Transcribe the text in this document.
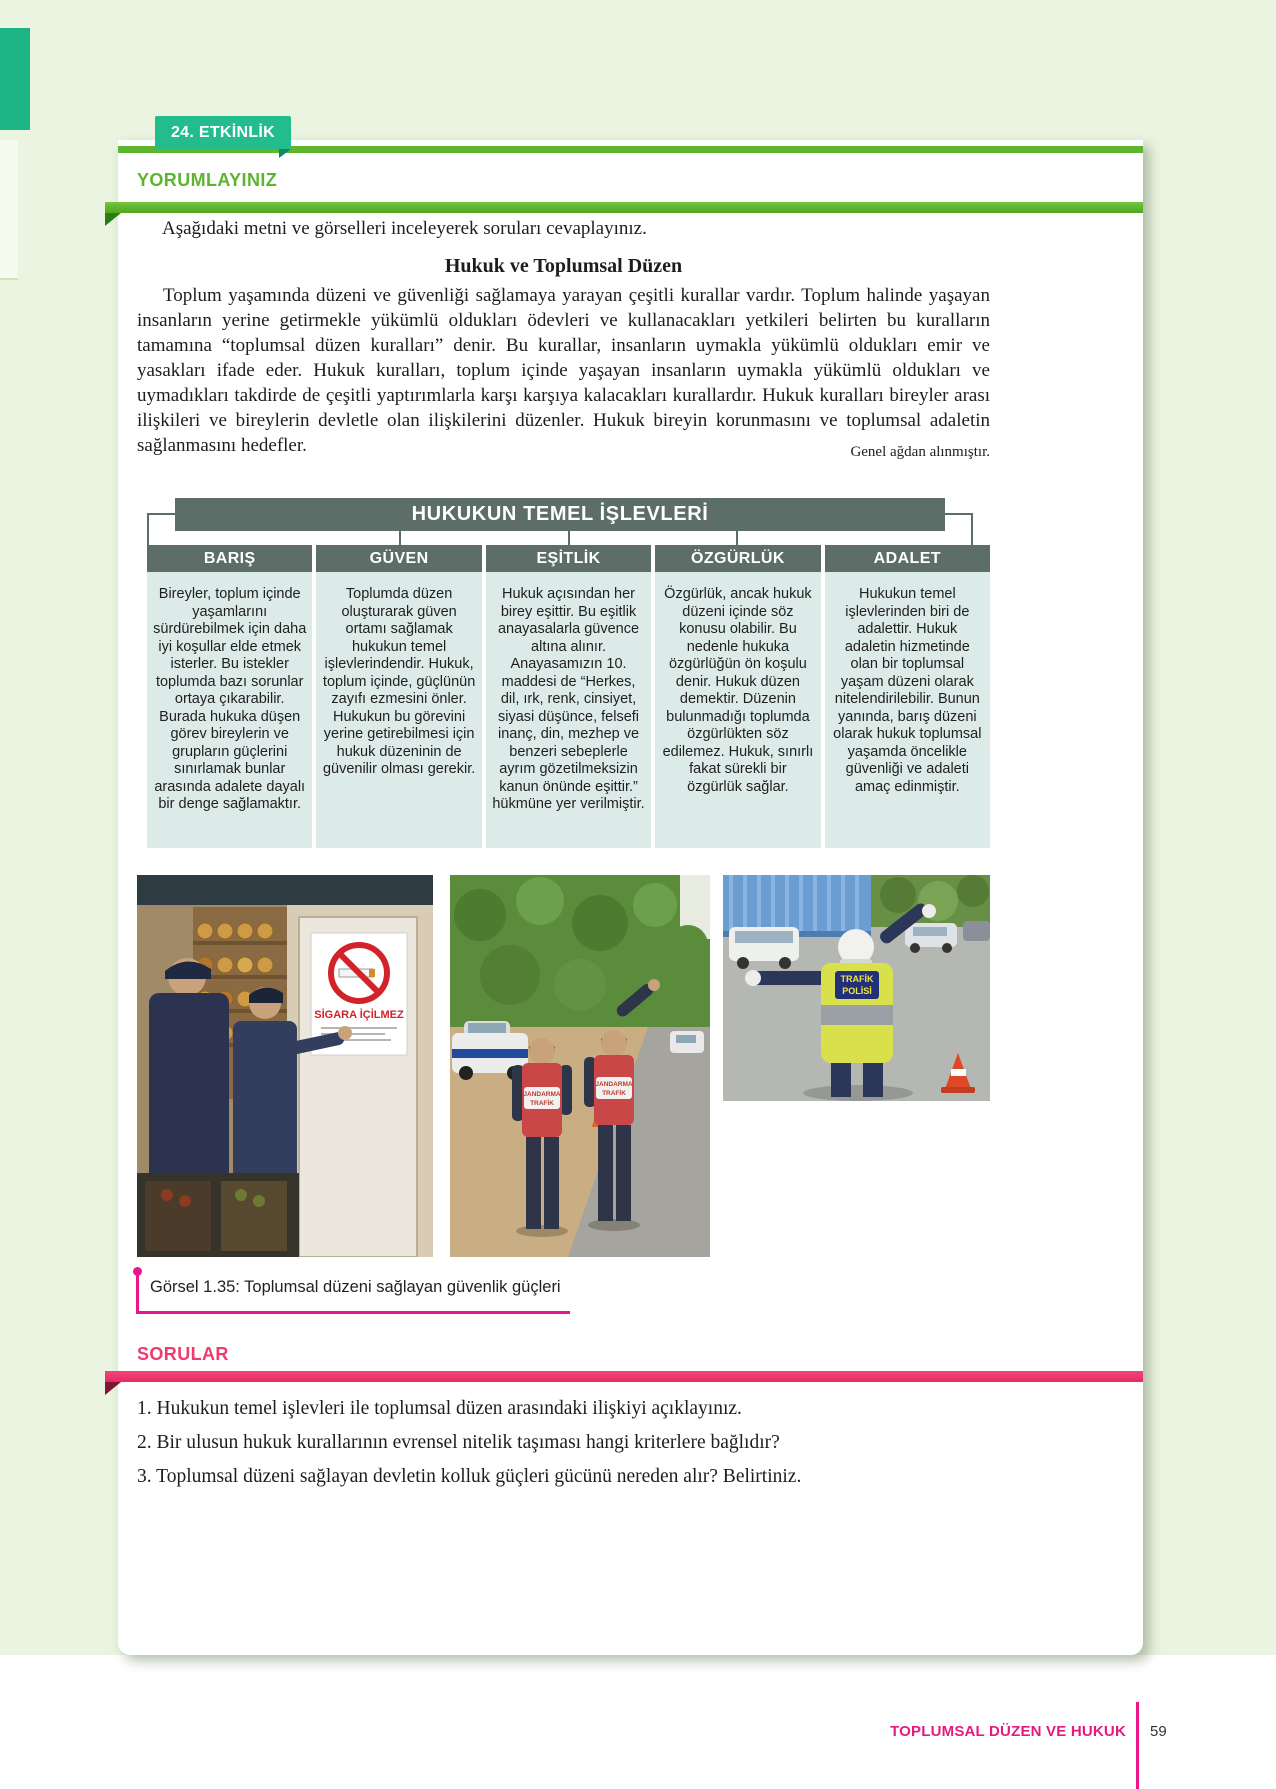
24. ETKİNLİK
YORUMLAYINIZ
Aşağıdaki metni ve görselleri inceleyerek soruları cevaplayınız.
Hukuk ve Toplumsal Düzen
Toplum yaşamında düzeni ve güvenliği sağlamaya yarayan çeşitli kurallar vardır. Toplum halinde yaşayan insanların yerine getirmekle yükümlü oldukları ödevleri ve kullanacakları yetkileri belirten bu kuralların tamamına “toplumsal düzen kuralları” denir. Bu kurallar, insanların uymakla yükümlü oldukları emir ve yasakları ifade eder. Hukuk kuralları, toplum içinde yaşayan insanların uymakla yükümlü oldukları ve uymadıkları takdirde de çeşitli yaptırımlarla karşı karşıya kalacakları kurallardır. Hukuk kuralları bireyler arası ilişkileri ve bireylerin devletle olan ilişkilerini düzenler. Hukuk bireyin korunmasını ve toplumsal adaletin sağlanmasını hedefler.	Genel ağdan alınmıştır.
HUKUKUN TEMEL İŞLEVLERİ
BARIŞ
Bireyler, toplum içinde yaşamlarını sürdürebilmek için daha iyi koşullar elde etmek isterler. Bu istekler toplumda bazı sorunlar ortaya çıkarabilir. Burada hukuka düşen görev bireylerin ve grupların güçlerini sınırlamak bunlar arasında adalete dayalı bir denge sağlamaktır.
GÜVEN
Toplumda düzen oluşturarak güven ortamı sağlamak hukukun temel işlevlerindendir. Hukuk, toplum içinde, güçlünün zayıfı ezmesini önler. Hukukun bu görevini yerine getirebilmesi için hukuk düzeninin de güvenilir olması gerekir.
EŞİTLİK
Hukuk açısından her birey eşittir. Bu eşitlik anayasalarla güvence altına alınır. Anayasamızın 10. maddesi de “Herkes, dil, ırk, renk, cinsiyet, siyasi düşünce, felsefi inanç, din, mezhep ve benzeri sebeplerle ayrım gözetilmeksizin kanun önünde eşittir.” hükmüne yer verilmiştir.
ÖZGÜRLÜK
Özgürlük, ancak hukuk düzeni içinde söz konusu olabilir. Bu nedenle hukuka özgürlüğün ön koşulu denir. Hukuk düzen demektir. Düzenin bulunmadığı toplumda özgürlükten söz edilemez. Hukuk, sınırlı fakat sürekli bir özgürlük sağlar.
ADALET
Hukukun temel işlevlerinden biri de adalettir. Hukuk adaletin hizmetinde olan bir toplumsal yaşam düzeni olarak nitelendirilebilir. Bunun yanında, barış düzeni olarak hukuk toplumsal yaşamda öncelikle güvenliği ve adaleti amaç edinmiştir.
SİGARA İÇİLMEZ
JANDARMA
TRAFİK
JANDARMA
TRAFİK
TRAFİK
POLİSİ
Görsel 1.35: Toplumsal düzeni sağlayan güvenlik güçleri
SORULAR
1. Hukukun temel işlevleri ile toplumsal düzen arasındaki ilişkiyi açıklayınız.
2. Bir ulusun hukuk kurallarının evrensel nitelik taşıması hangi kriterlere bağlıdır?
3. Toplumsal düzeni sağlayan devletin kolluk güçleri gücünü nereden alır? Belirtiniz.
TOPLUMSAL DÜZEN VE HUKUK 59
